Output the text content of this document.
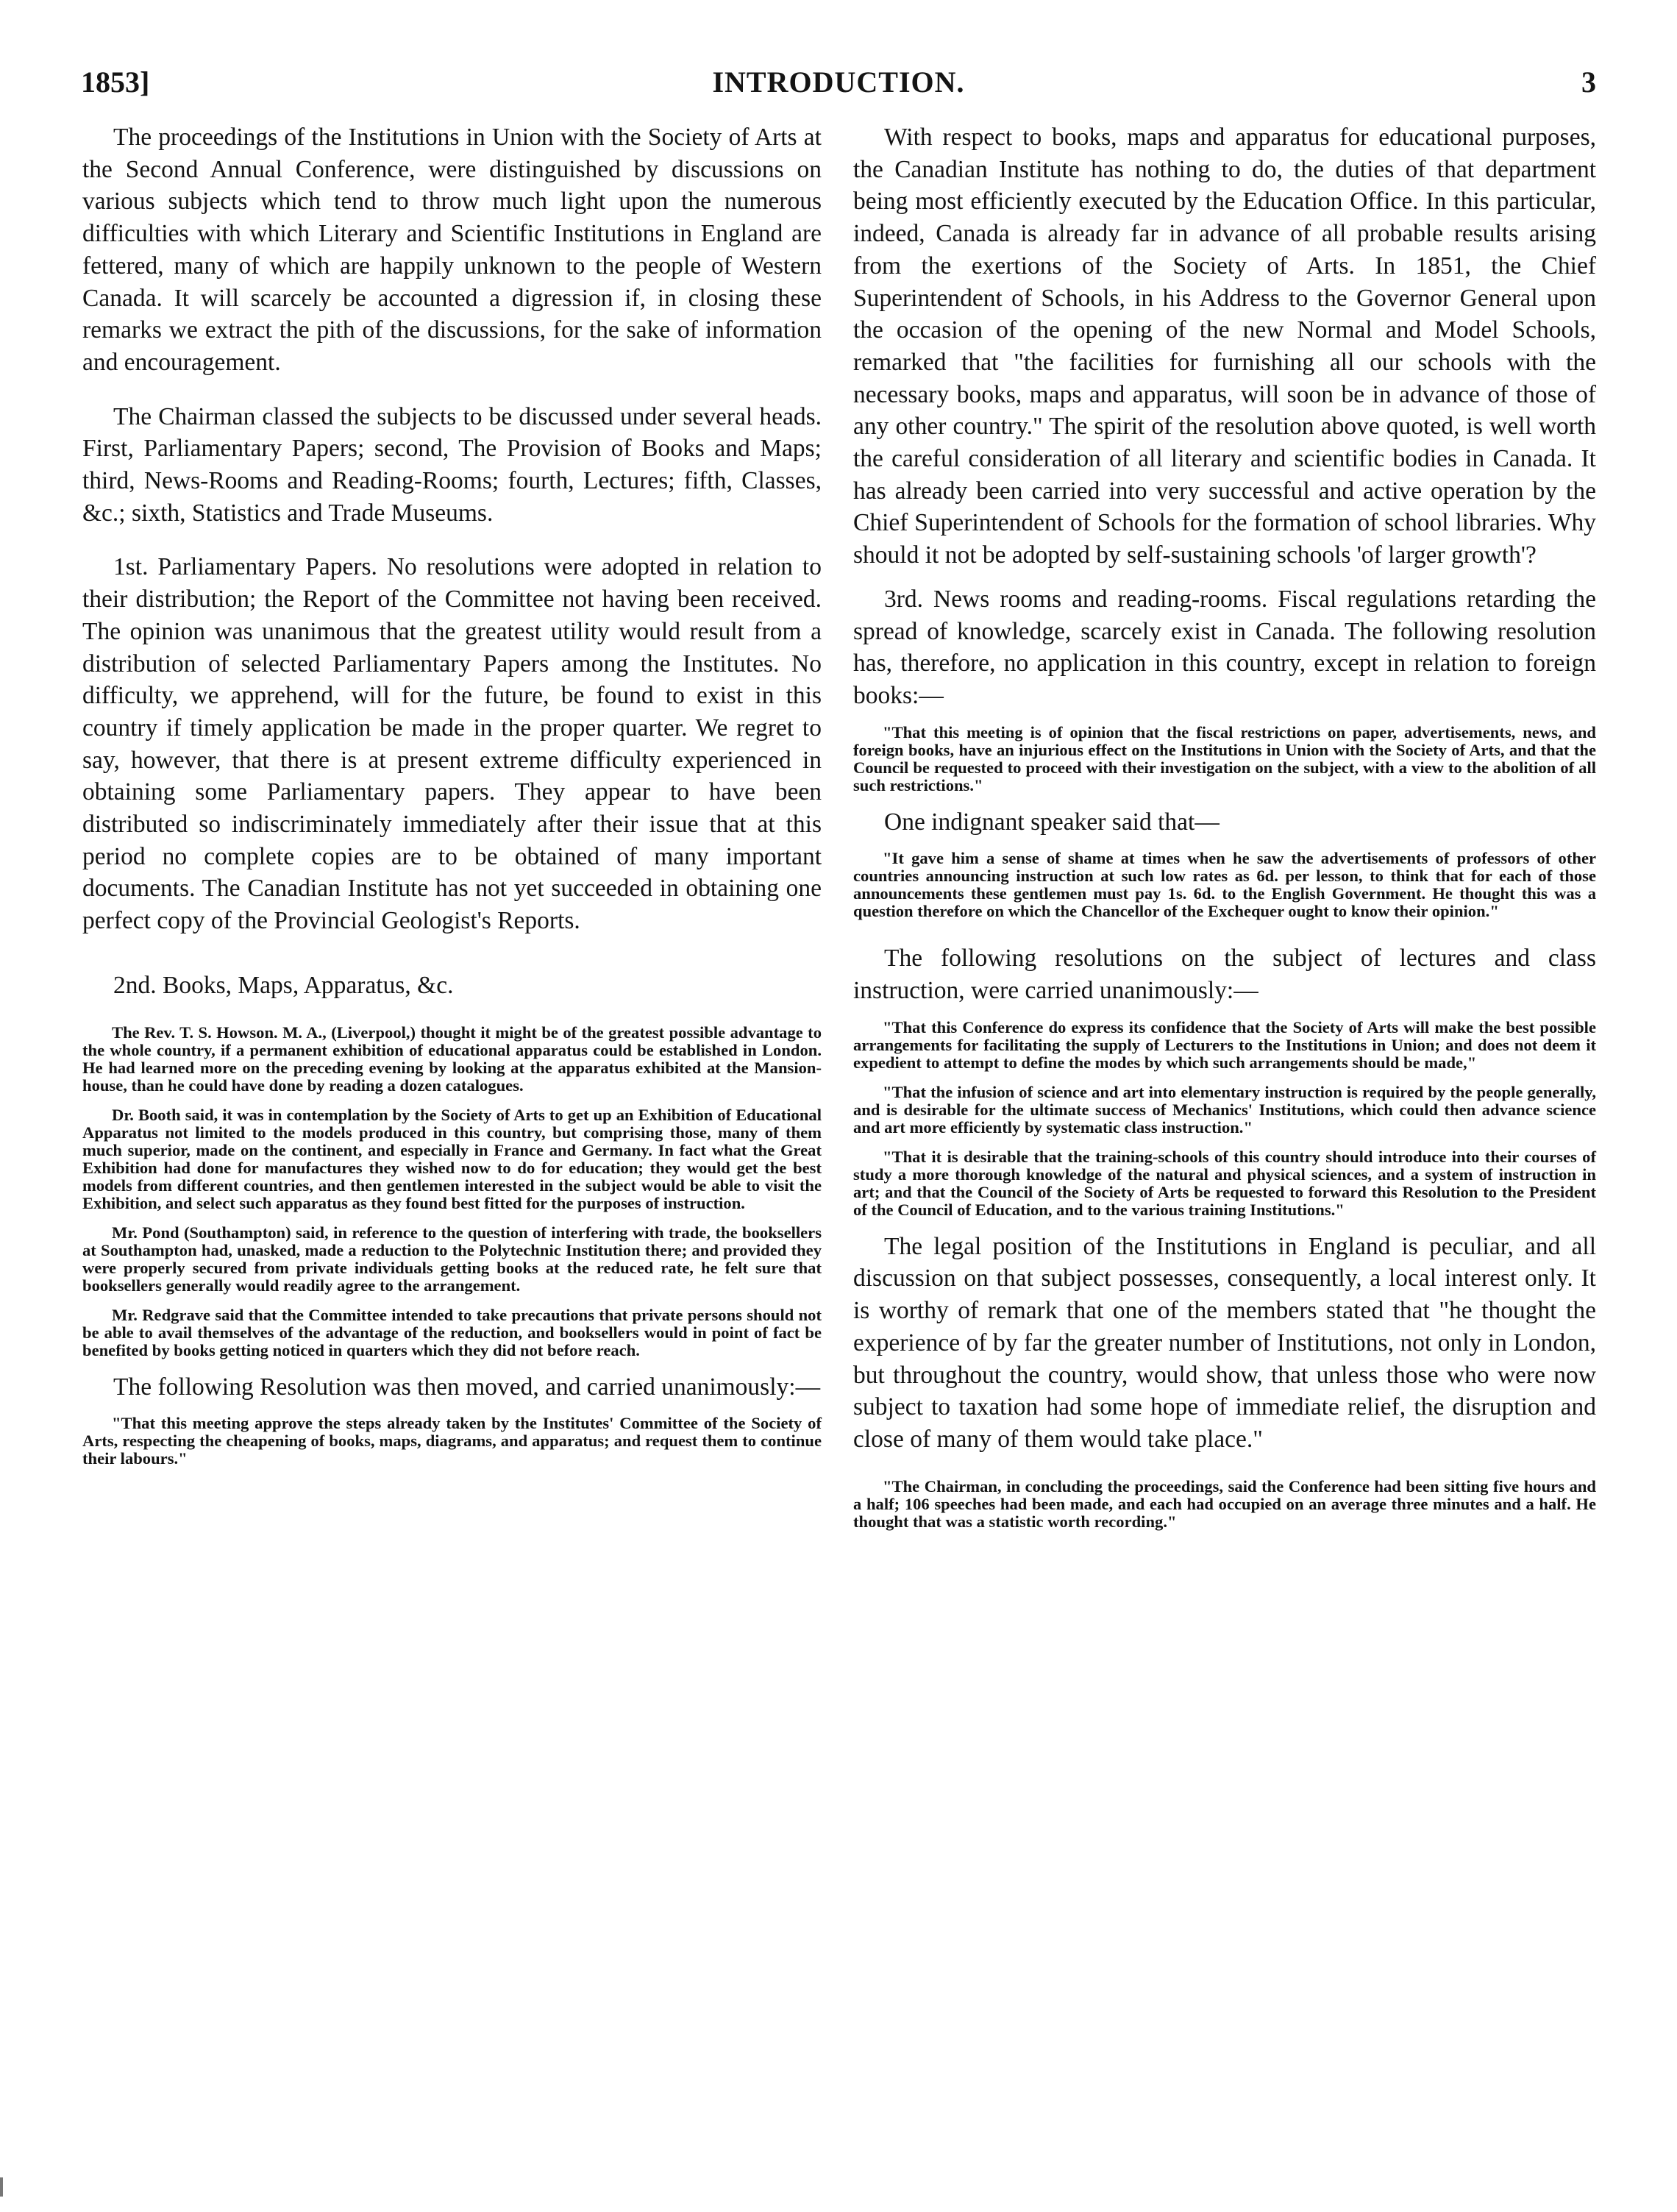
1853]	INTRODUCTION.	3

The proceedings of the Institutions in Union with the Society of Arts at the Second Annual Conference, were distinguished by discussions on various subjects which tend to throw much light upon the numerous difficulties with which Literary and Scientific Institutions in England are fettered, many of which are happily unknown to the people of Western Canada. It will scarcely be accounted a digression if, in closing these remarks we extract the pith of the discussions, for the sake of information and encouragement.

The Chairman classed the subjects to be discussed under several heads. First, Parliamentary Papers; second, The Provision of Books and Maps; third, News-Rooms and Reading-Rooms; fourth, Lectures; fifth, Classes, &c.; sixth, Statistics and Trade Museums.

1st. Parliamentary Papers. No resolutions were adopted in relation to their distribution; the Report of the Committee not having been received. The opinion was unanimous that the greatest utility would result from a distribution of selected Parliamentary Papers among the Institutes. No difficulty, we apprehend, will for the future, be found to exist in this country if timely application be made in the proper quarter. We regret to say, however, that there is at present extreme difficulty experienced in obtaining some Parliamentary papers. They appear to have been distributed so indiscriminately immediately after their issue that at this period no complete copies are to be obtained of many important documents. The Canadian Institute has not yet succeeded in obtaining one perfect copy of the Provincial Geologist's Reports.

2nd. Books, Maps, Apparatus, &c.

The Rev. T. S. Howson. M. A., (Liverpool,) thought it might be of the greatest possible advantage to the whole country, if a permanent exhibition of educational apparatus could be established in London. He had learned more on the preceding evening by looking at the apparatus exhibited at the Mansion-house, than he could have done by reading a dozen catalogues.

Dr. Booth said, it was in contemplation by the Society of Arts to get up an Exhibition of Educational Apparatus not limited to the models produced in this country, but comprising those, many of them much superior, made on the continent, and especially in France and Germany. In fact what the Great Exhibition had done for manufactures they wished now to do for education; they would get the best models from different countries, and then gentlemen interested in the subject would be able to visit the Exhibition, and select such apparatus as they found best fitted for the purposes of instruction.

Mr. Pond (Southampton) said, in reference to the question of interfering with trade, the booksellers at Southampton had, unasked, made a reduction to the Polytechnic Institution there; and provided they were properly secured from private individuals getting books at the reduced rate, he felt sure that booksellers generally would readily agree to the arrangement.

Mr. Redgrave said that the Committee intended to take precautions that private persons should not be able to avail themselves of the advantage of the reduction, and booksellers would in point of fact be benefited by books getting noticed in quarters which they did not before reach.

The following Resolution was then moved, and carried unanimously:—

"That this meeting approve the steps already taken by the Institutes' Committee of the Society of Arts, respecting the cheapening of books, maps, diagrams, and apparatus; and request them to continue their labours."

With respect to books, maps and apparatus for educational purposes, the Canadian Institute has nothing to do, the duties of that department being most efficiently executed by the Education Office. In this particular, indeed, Canada is already far in advance of all probable results arising from the exertions of the Society of Arts. In 1851, the Chief Superintendent of Schools, in his Address to the Governor General upon the occasion of the opening of the new Normal and Model Schools, remarked that "the facilities for furnishing all our schools with the necessary books, maps and apparatus, will soon be in advance of those of any other country." The spirit of the resolution above quoted, is well worth the careful consideration of all literary and scientific bodies in Canada. It has already been carried into very successful and active operation by the Chief Superintendent of Schools for the formation of school libraries. Why should it not be adopted by self-sustaining schools 'of larger growth'?

3rd. News rooms and reading-rooms. Fiscal regulations retarding the spread of knowledge, scarcely exist in Canada. The following resolution has, therefore, no application in this country, except in relation to foreign books:—

"That this meeting is of opinion that the fiscal restrictions on paper, advertisements, news, and foreign books, have an injurious effect on the Institutions in Union with the Society of Arts, and that the Council be requested to proceed with their investigation on the subject, with a view to the abolition of all such restrictions."

One indignant speaker said that—

"It gave him a sense of shame at times when he saw the advertisements of professors of other countries announcing instruction at such low rates as 6d. per lesson, to think that for each of those announcements these gentlemen must pay 1s. 6d. to the English Government. He thought this was a question therefore on which the Chancellor of the Exchequer ought to know their opinion."

The following resolutions on the subject of lectures and class instruction, were carried unanimously:—

"That this Conference do express its confidence that the Society of Arts will make the best possible arrangements for facilitating the supply of Lecturers to the Institutions in Union; and does not deem it expedient to attempt to define the modes by which such arrangements should be made,"

"That the infusion of science and art into elementary instruction is required by the people generally, and is desirable for the ultimate success of Mechanics' Institutions, which could then advance science and art more efficiently by systematic class instruction."

"That it is desirable that the training-schools of this country should introduce into their courses of study a more thorough knowledge of the natural and physical sciences, and a system of instruction in art; and that the Council of the Society of Arts be requested to forward this Resolution to the President of the Council of Education, and to the various training Institutions."

The legal position of the Institutions in England is peculiar, and all discussion on that subject possesses, consequently, a local interest only. It is worthy of remark that one of the members stated that "he thought the experience of by far the greater number of Institutions, not only in London, but throughout the country, would show, that unless those who were now subject to taxation had some hope of immediate relief, the disruption and close of many of them would take place."

"The Chairman, in concluding the proceedings, said the Conference had been sitting five hours and a half; 106 speeches had been made, and each had occupied on an average three minutes and a half. He thought that was a statistic worth recording."
